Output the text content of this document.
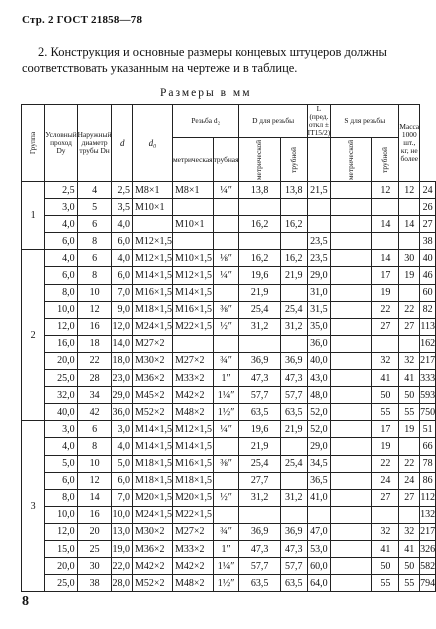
Стр. 2 ГОСТ 21858—78
2. Конструкция и основные размеры концевых штуцеров должны соответствовать указанным на чертеже и в таблице.
Размеры в мм
Группа	Условный проход Dy	Наружный диаметр трубы Dн	d	d₀	Резьба d₂		D для резьбы		L (пред. откл ± IT15/2)	S для резьбы		Масса 1000 шт., кг, не более	
					метрическая	трубная	метрической	трубной		метрической	трубной		
1	2,5	4	2,5	М8×1	М8×1	¼″	13,8	13,8	21,5		12	12	24
	3,0	5	3,5	М10×1									26
	4,0	6	4,0		М10×1		16,2	16,2			14	14	27
	6,0	8	6,0	М12×1,5					23,5				38
2	4,0	6	4,0	М12×1,5	М10×1,5	⅛″	16,2	16,2	23,5		14	30	40
	6,0	8	6,0	М14×1,5	М12×1,5	¼″	19,6	21,9	29,0		17	19	46
	8,0	10	7,0	М16×1,5	М14×1,5		21,9		31,0		19		60
	10,0	12	9,0	М18×1,5	М16×1,5	⅜″	25,4	25,4	31,5		22	22	82
	12,0	16	12,0	М24×1,5	М22×1,5	½″	31,2	31,2	35,0		27	27	113
	16,0	18	14,0	М27×2					36,0				162
	20,0	22	18,0	М30×2	М27×2	¾″	36,9	36,9	40,0		32	32	217
	25,0	28	23,0	М36×2	М33×2	1″	47,3	47,3	43,0		41	41	333
	32,0	34	29,0	М45×2	М42×2	1¼″	57,7	57,7	48,0		50	50	593
	40,0	42	36,0	М52×2	М48×2	1½″	63,5	63,5	52,0		55	55	750
3	3,0	6	3,0	М14×1,5	М12×1,5	¼″	19,6	21,9	52,0		17	19	51
	4,0	8	4,0	М14×1,5	М14×1,5		21,9		29,0		19		66
	5,0	10	5,0	М18×1,5	М16×1,5	⅜″	25,4	25,4	34,5		22	22	78
	6,0	12	6,0	М18×1,5	М18×1,5		27,7		36,5		24	24	86
	8,0	14	7,0	М20×1,5	М20×1,5	½″	31,2	31,2	41,0		27	27	112
	10,0	16	10,0	М24×1,5	М22×1,5								132
	12,0	20	13,0	М30×2	М27×2	¾″	36,9	36,9	47,0		32	32	217
	15,0	25	19,0	М36×2	М33×2	1″	47,3	47,3	53,0		41	41	326
	20,0	30	22,0	М42×2	М42×2	1¼″	57,7	57,7	60,0		50	50	582
	25,0	38	28,0	М52×2	М48×2	1½″	63,5	63,5	64,0		55	55	794
8
